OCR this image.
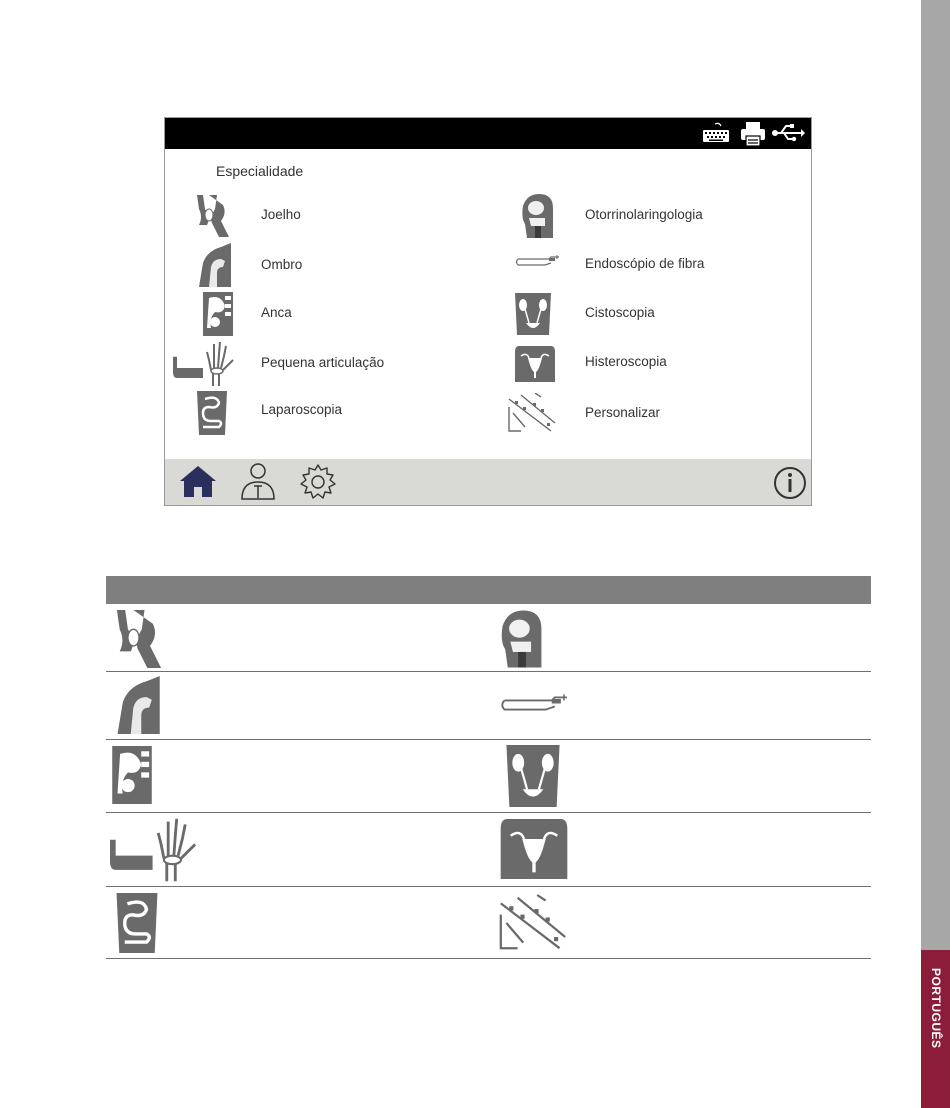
PORTUGUÊS
Especialidade
Joelho
Ombro
Anca
Pequena articulação
Laparoscopia
Otorrinolaringologia
Endoscópio de fibra
Cistoscopia
Histeroscopia
Personalizar
